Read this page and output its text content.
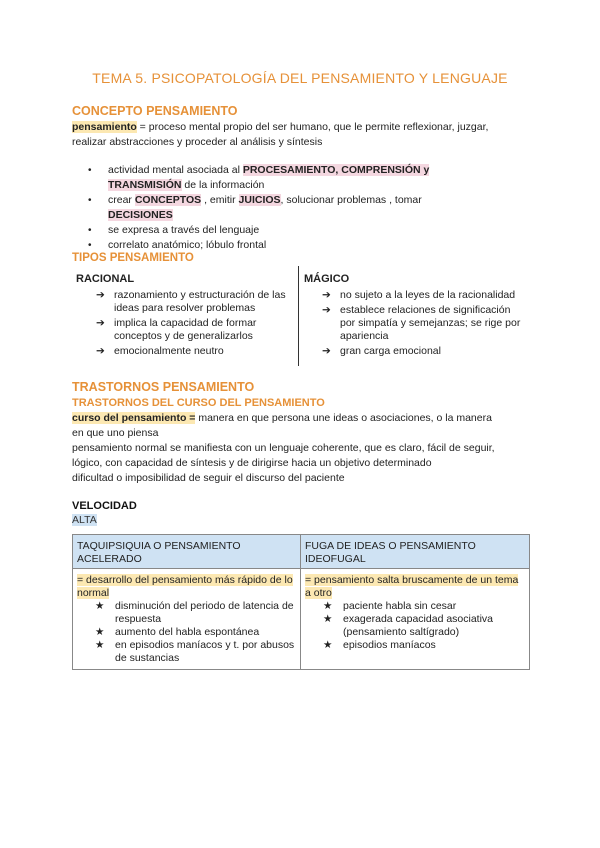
TEMA 5. PSICOPATOLOGÍA DEL PENSAMIENTO Y LENGUAJE
CONCEPTO PENSAMIENTO
pensamiento = proceso mental propio del ser humano, que le permite reflexionar, juzgar,
realizar abstracciones y proceder al análisis y síntesis
• actividad mental asociada al PROCESAMIENTO, COMPRENSIÓN y
TRANSMISIÓN de la información
• crear CONCEPTOS , emitir JUICIOS, solucionar problemas , tomar DECISIONES
• se expresa a través del lenguaje
• correlato anatómico; lóbulo frontal
TIPOS PENSAMIENTO
RACIONAL
➔ razonamiento y estructuración de las ideas para resolver problemas
➔ implica la capacidad de formar conceptos y de generalizarlos
➔ emocionalmente neutro
MÁGICO
➔ no sujeto a la leyes de la racionalidad
➔ establece relaciones de significación por simpatía y semejanzas; se rige por apariencia
➔ gran carga emocional
TRASTORNOS PENSAMIENTO
TRASTORNOS DEL CURSO DEL PENSAMIENTO
curso del pensamiento = manera en que persona une ideas o asociaciones, o la manera
en que uno piensa
pensamiento normal se manifiesta con un lenguaje coherente, que es claro, fácil de seguir,
lógico, con capacidad de síntesis y de dirigirse hacia un objetivo determinado
dificultad o imposibilidad de seguir el discurso del paciente
VELOCIDAD
ALTA
TAQUIPSIQUIA O PENSAMIENTO ACELERADO
FUGA DE IDEAS O PENSAMIENTO IDEOFUGAL
= desarrollo del pensamiento más rápido de lo normal
★ disminución del periodo de latencia de respuesta
★ aumento del habla espontánea
★ en episodios maníacos y t. por abusos de sustancias
= pensamiento salta bruscamente de un tema a otro
★ paciente habla sin cesar
★ exagerada capacidad asociativa (pensamiento saltígrado)
★ episodios maníacos
